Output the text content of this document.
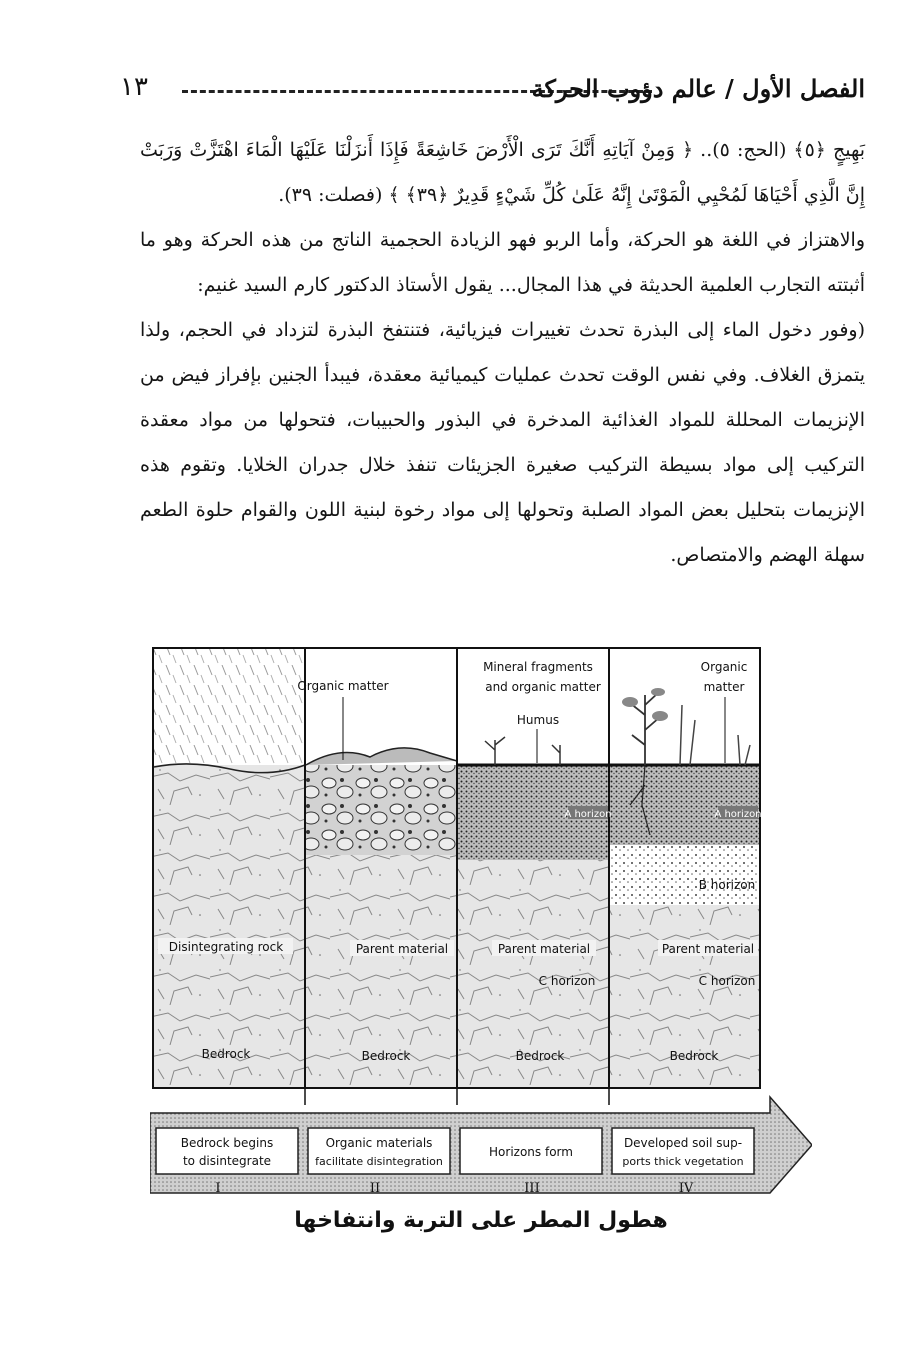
١٣	الفصل الأول / عالم دؤوب الحركة

بَهِيجٍ ﴿٥﴾ (الحج: ٥).. ﴿ وَمِنْ آيَاتِهِ أَنَّكَ تَرَى الْأَرْضَ خَاشِعَةً فَإِذَا أَنزَلْنَا عَلَيْهَا الْمَاءَ اهْتَزَّتْ وَرَبَتْ إِنَّ الَّذِي أَحْيَاهَا لَمُحْيِي الْمَوْتَىٰ إِنَّهُ عَلَىٰ كُلِّ شَيْءٍ قَدِيرٌ ﴿٣٩﴾ ﴾ (فصلت: ٣٩).

والاهتزاز في اللغة هو الحركة، وأما الربو فهو الزيادة الحجمية الناتج من هذه الحركة وهو ما أثبتته التجارب العلمية الحديثة في هذا المجال... يقول الأستاذ الدكتور كارم السيد غنيم:

(وفور دخول الماء إلى البذرة تحدث تغييرات فيزيائية، فتنتفخ البذرة لتزداد في الحجم، ولذا يتمزق الغلاف. وفي نفس الوقت تحدث عمليات كيميائية معقدة، فيبدأ الجنين بإفراز فيض من الإنزيمات المحللة للمواد الغذائية المدخرة في البذور والحبيبات، فتحولها من مواد معقدة التركيب إلى مواد بسيطة التركيب صغيرة الجزيئات تنفذ خلال جدران الخلايا. وتقوم هذه الإنزيمات بتحليل بعض المواد الصلبة وتحولها إلى مواد رخوة لبنية اللون والقوام حلوة الطعم سهلة الهضم والامتصاص.

Organic matter
Mineral fragments
and organic matter
Humus
Organic
matter
A horizon	A horizon
B horizon
Disintegrating rock	Parent material	Parent material	Parent material
C horizon	C horizon
Bedrock	Bedrock	Bedrock	Bedrock
Bedrock begins
to disintegrate
Organic materials
facilitate disintegration
Horizons form
Developed soil sup-
ports thick vegetation
I	II	III	IV
هطول المطر على التربة وانتفاخها
